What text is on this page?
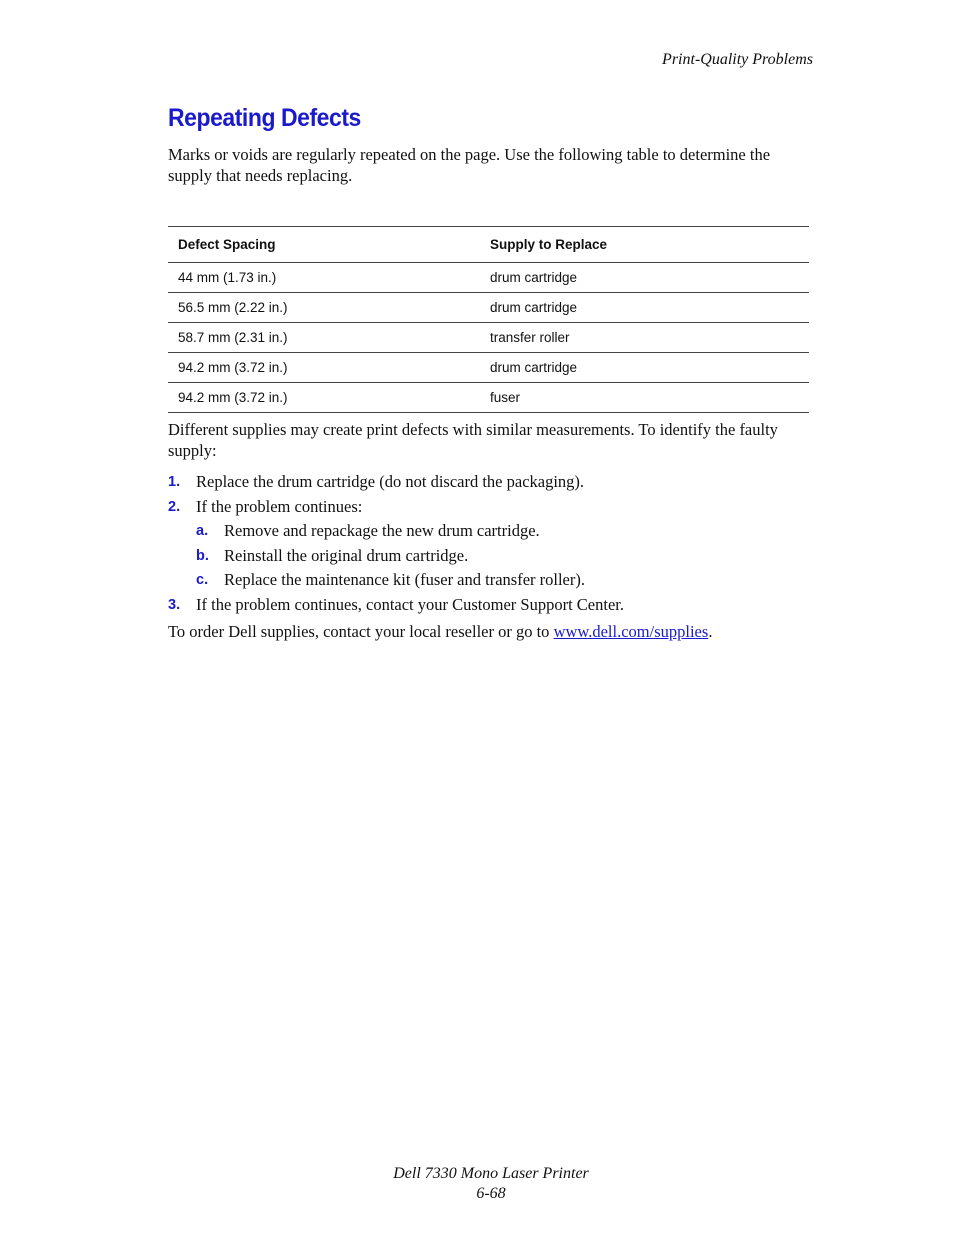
Print-Quality Problems
Repeating Defects

Marks or voids are regularly repeated on the page. Use the following table to determine the supply that needs replacing.

Defect Spacing	Supply to Replace
44 mm (1.73 in.)	drum cartridge
56.5 mm (2.22 in.)	drum cartridge
58.7 mm (2.31 in.)	transfer roller
94.2 mm (3.72 in.)	drum cartridge
94.2 mm (3.72 in.)	fuser

Different supplies may create print defects with similar measurements. To identify the faulty supply:

1. Replace the drum cartridge (do not discard the packaging).
2. If the problem continues:
a. Remove and repackage the new drum cartridge.
b. Reinstall the original drum cartridge.
c. Replace the maintenance kit (fuser and transfer roller).
3. If the problem continues, contact your Customer Support Center.

To order Dell supplies, contact your local reseller or go to www.dell.com/supplies.

Dell 7330 Mono Laser Printer
6-68
